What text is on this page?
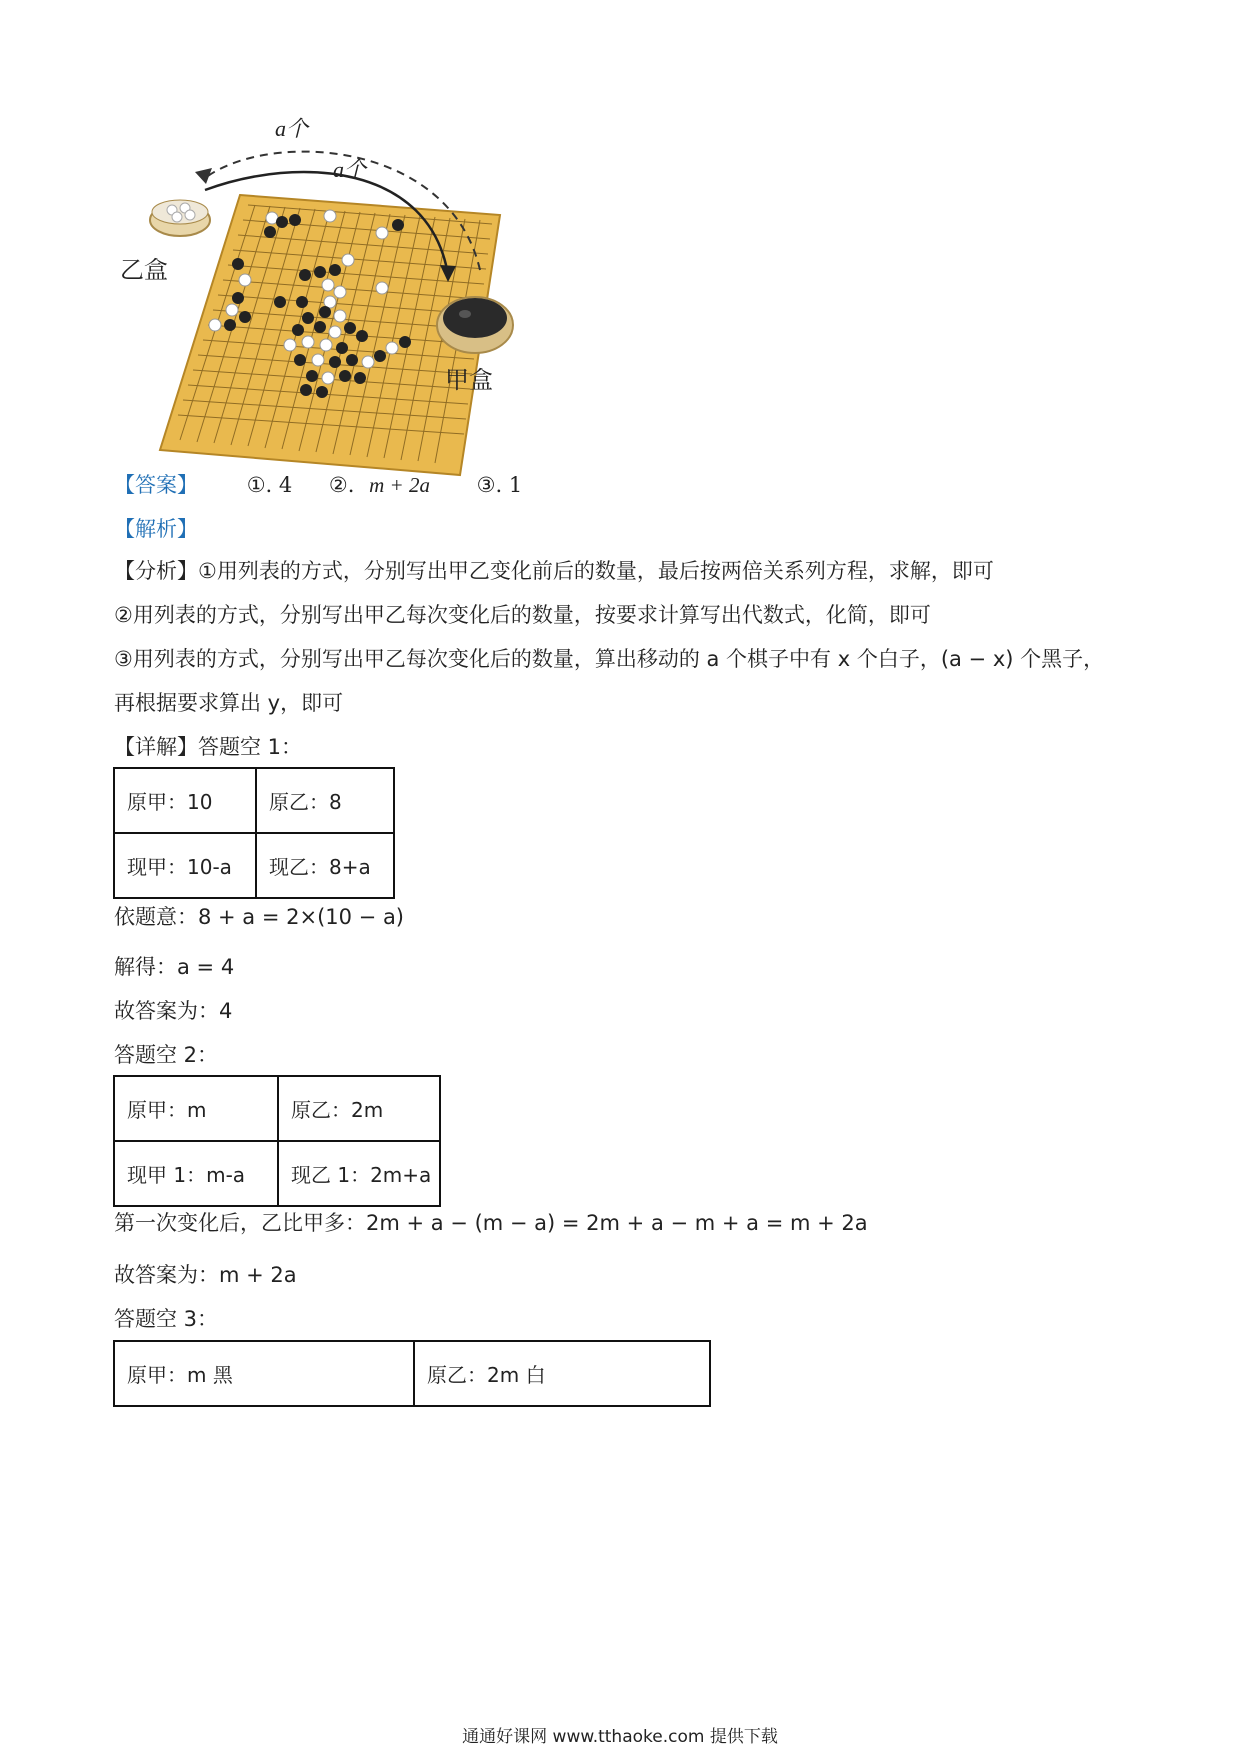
a个
a个
乙盒
甲盒
【答案】 ①. 4 ②. m + 2a ③. 1
【解析】
【分析】①用列表的方式，分别写出甲乙变化前后的数量，最后按两倍关系列方程，求解，即可
②用列表的方式，分别写出甲乙每次变化后的数量，按要求计算写出代数式，化简，即可
③用列表的方式，分别写出甲乙每次变化后的数量，算出移动的 a 个棋子中有 x 个白子，(a − x) 个黑子，
再根据要求算出 y，即可
【详解】答题空 1：
原甲：10	原乙：8
现甲：10-a	现乙：8+a
依题意：8 + a = 2×(10 − a)
解得：a = 4
故答案为：4
答题空 2：
原甲：m	原乙：2m
现甲 1：m-a	现乙 1：2m+a
第一次变化后，乙比甲多：2m + a − (m − a) = 2m + a − m + a = m + 2a
故答案为：m + 2a
答题空 3：
原甲：m 黑	原乙：2m 白
通通好课网 www.tthaoke.com 提供下载
